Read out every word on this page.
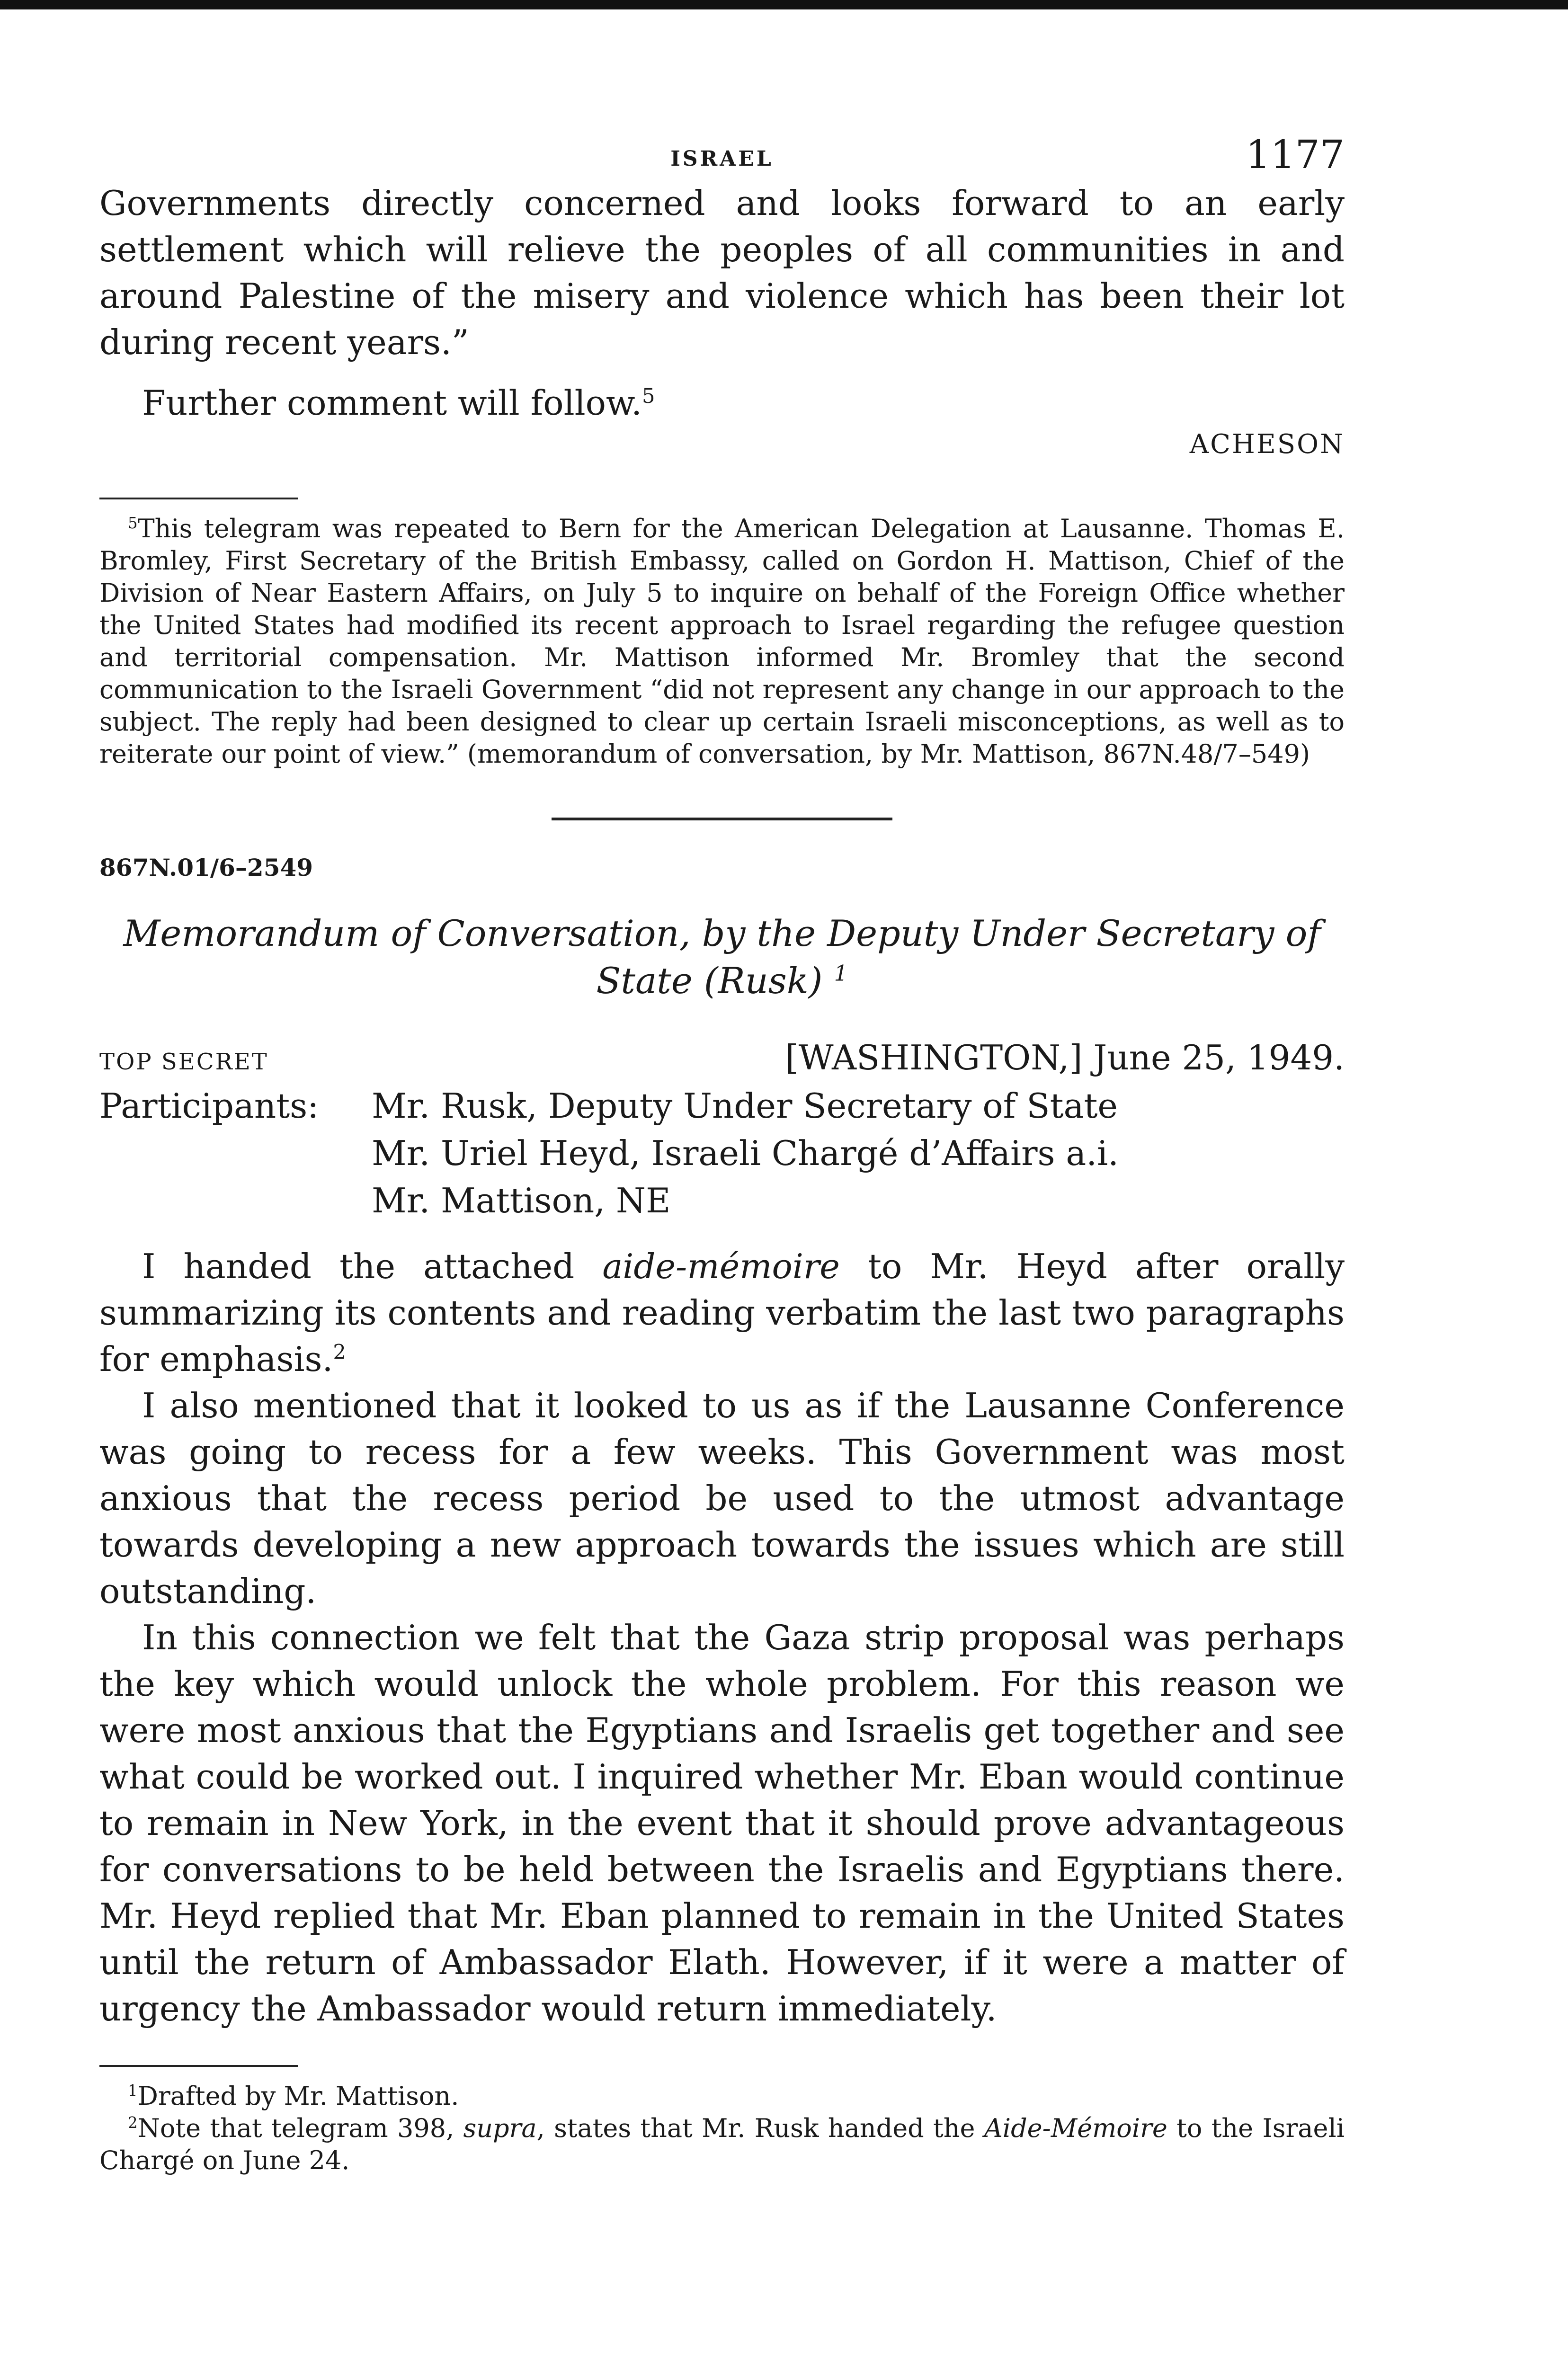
ISRAEL	1177

Governments directly concerned and looks forward to an early settlement which will relieve the peoples of all communities in and around Palestine of the misery and violence which has been their lot during recent years.”

Further comment will follow.$^5$

ACHESON

$^5$This telegram was repeated to Bern for the American Delegation at Lausanne. Thomas E. Bromley, First Secretary of the British Embassy, called on Gordon H. Mattison, Chief of the Division of Near Eastern Affairs, on July 5 to inquire on behalf of the Foreign Office whether the United States had modified its recent approach to Israel regarding the refugee question and territorial compensation. Mr. Mattison informed Mr. Bromley that the second communication to the Israeli Government “did not represent any change in our approach to the subject. The reply had been designed to clear up certain Israeli misconceptions, as well as to reiterate our point of view.” (memorandum of conversation, by Mr. Mattison, 867N.48/7–549)

867N.01/6–2549

Memorandum of Conversation, by the Deputy Under Secretary of State (Rusk) $^1$

TOP SECRET	[WASHINGTON,] June 25, 1949.
Participants:	Mr. Rusk, Deputy Under Secretary of State
Mr. Uriel Heyd, Israeli Chargé d’Affairs a.i.
Mr. Mattison, NE

I handed the attached aide-mémoire to Mr. Heyd after orally summarizing its contents and reading verbatim the last two paragraphs for emphasis.$^2$

I also mentioned that it looked to us as if the Lausanne Conference was going to recess for a few weeks. This Government was most anxious that the recess period be used to the utmost advantage towards developing a new approach towards the issues which are still outstanding.

In this connection we felt that the Gaza strip proposal was perhaps the key which would unlock the whole problem. For this reason we were most anxious that the Egyptians and Israelis get together and see what could be worked out. I inquired whether Mr. Eban would continue to remain in New York, in the event that it should prove advantageous for conversations to be held between the Israelis and Egyptians there. Mr. Heyd replied that Mr. Eban planned to remain in the United States until the return of Ambassador Elath. However, if it were a matter of urgency the Ambassador would return immediately.

$^1$Drafted by Mr. Mattison.

$^2$Note that telegram 398, supra, states that Mr. Rusk handed the Aide-Mémoire to the Israeli Chargé on June 24.
